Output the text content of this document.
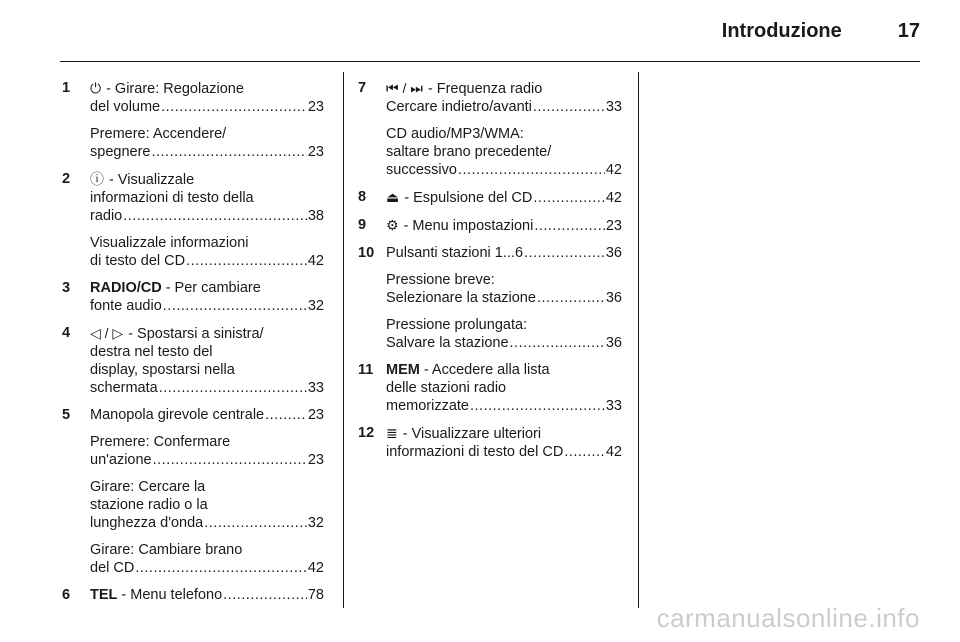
Introduzione	17
1	⏻ - Girare: Regolazione
del volume .....	23
Premere: Accendere/
spegnere .....	23
2	ⓘ - Visualizzale
informazioni di testo della
radio .....	38
Visualizzale informazioni
di testo del CD .....	42
3	RADIO/CD - Per cambiare
fonte audio .....	32
4	◁ / ▷ - Spostarsi a sinistra/
destra nel testo del
display, spostarsi nella
schermata .....	33
5	Manopola girevole centrale .....	23
Premere: Confermare
un'azione .....	23
Girare: Cercare la
stazione radio o la
lunghezza d'onda .....	32
Girare: Cambiare brano
del CD .....	42
6	TEL - Menu telefono .....	78
7	⏮ / ⏭ - Frequenza radio
Cercare indietro/avanti .....	33
CD audio/MP3/WMA:
saltare brano precedente/
successivo .....	42
8	⏏ - Espulsione del CD .....	42
9	⚙ - Menu impostazioni .....	23
10 Pulsanti stazioni 1...6 .....	36
Pressione breve:
Selezionare la stazione .....	36
Pressione prolungata:
Salvare la stazione .....	36
11 MEM - Accedere alla lista
delle stazioni radio
memorizzate .....	33
12 ≣ - Visualizzare ulteriori
informazioni di testo del CD .....	42
carmanualsonline.info
